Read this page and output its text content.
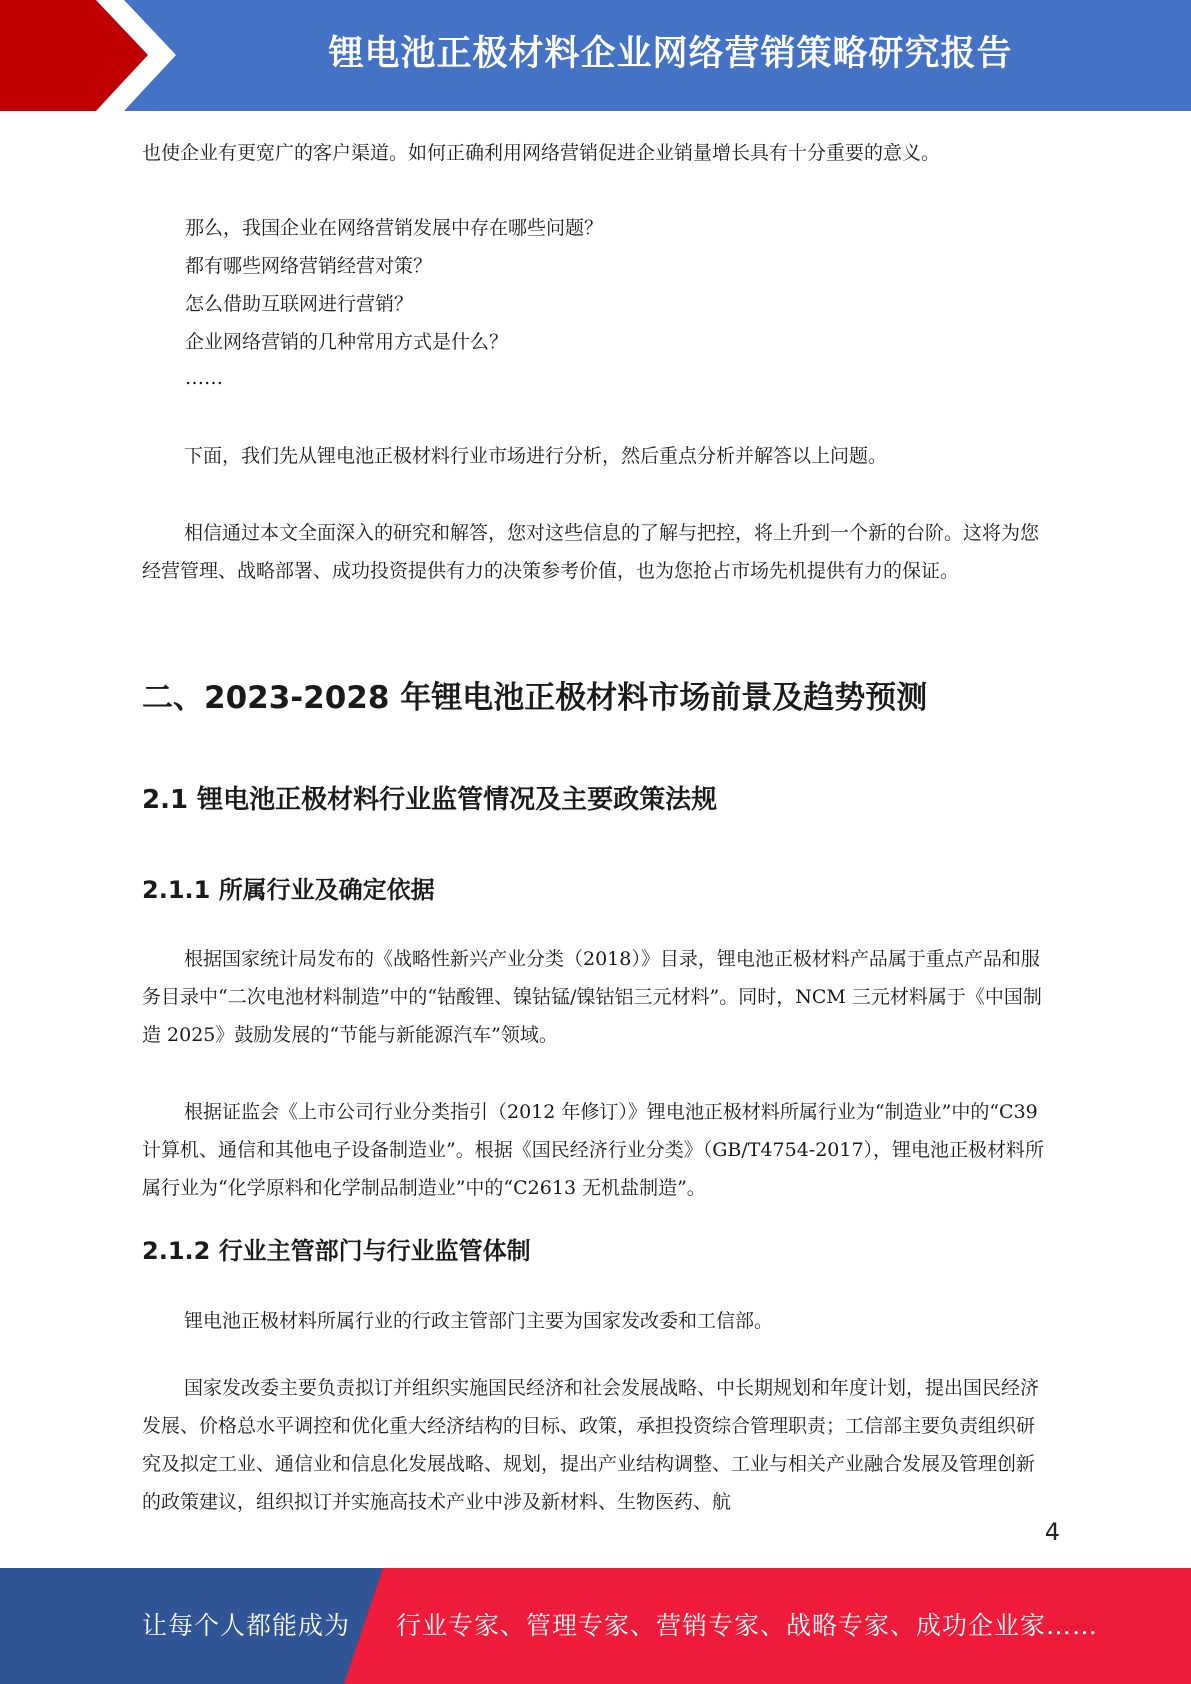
锂电池正极材料企业网络营销策略研究报告

也使企业有更宽广的客户渠道。如何正确利用网络营销促进企业销量增长具有十分重要的意义。

那么，我国企业在网络营销发展中存在哪些问题？

都有哪些网络营销经营对策？

怎么借助互联网进行营销？

企业网络营销的几种常用方式是什么？

……

下面，我们先从锂电池正极材料行业市场进行分析，然后重点分析并解答以上问题。

相信通过本文全面深入的研究和解答，您对这些信息的了解与把控，将上升到一个新的台阶。这将为您经营管理、战略部署、成功投资提供有力的决策参考价值，也为您抢占市场先机提供有力的保证。

二、2023-2028 年锂电池正极材料市场前景及趋势预测
2.1 锂电池正极材料行业监管情况及主要政策法规
2.1.1 所属行业及确定依据

根据国家统计局发布的《战略性新兴产业分类（2018）》目录，锂电池正极材料产品属于重点产品和服务目录中“二次电池材料制造”中的“钴酸锂、镍钴锰/镍钴铝三元材料”。同时，NCM 三元材料属于《中国制造 2025》鼓励发展的“节能与新能源汽车”领域。

根据证监会《上市公司行业分类指引（2012 年修订）》锂电池正极材料所属行业为“制造业”中的“C39 计算机、通信和其他电子设备制造业”。根据《国民经济行业分类》（GB/T4754-2017），锂电池正极材料所属行业为“化学原料和化学制品制造业”中的“C2613 无机盐制造”。

2.1.2 行业主管部门与行业监管体制

锂电池正极材料所属行业的行政主管部门主要为国家发改委和工信部。

国家发改委主要负责拟订并组织实施国民经济和社会发展战略、中长期规划和年度计划，提出国民经济发展、价格总水平调控和优化重大经济结构的目标、政策，承担投资综合管理职责；工信部主要负责组织研究及拟定工业、通信业和信息化发展战略、规划，提出产业结构调整、工业与相关产业融合发展及管理创新的政策建议，组织拟订并实施高技术产业中涉及新材料、生物医药、航

4
让每个人都能成为 行业专家、管理专家、营销专家、战略专家、成功企业家……
